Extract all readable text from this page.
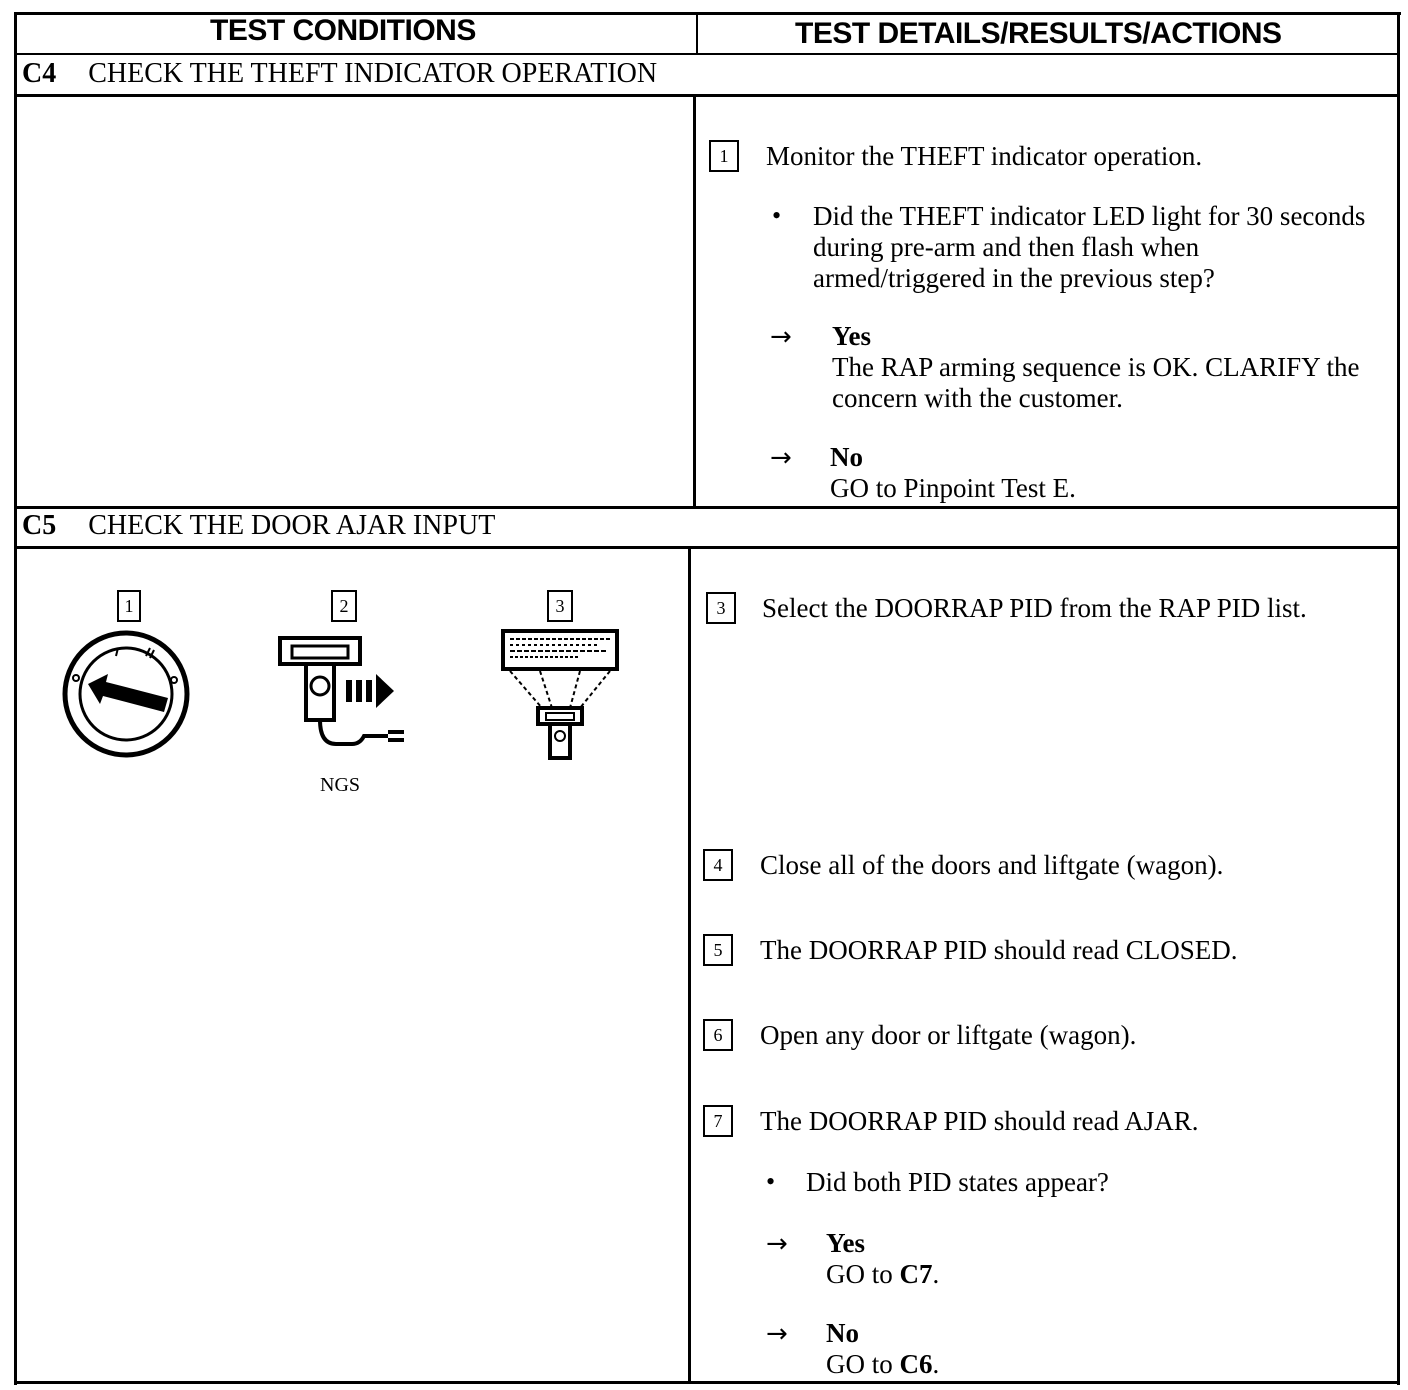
TEST CONDITIONS	TEST DETAILS/RESULTS/ACTIONS
C4 CHECK THE THEFT INDICATOR OPERATION
1	Monitor the THEFT indicator operation.
• Did the THEFT indicator LED light for 30 seconds during pre-arm and then flash when armed/triggered in the previous step?
→ Yes
The RAP arming sequence is OK. CLARIFY the concern with the customer.
→ No
GO to Pinpoint Test E.
C5 CHECK THE DOOR AJAR INPUT
1	2	3
NGS
3	Select the DOORRAP PID from the RAP PID list.
4	Close all of the doors and liftgate (wagon).
5	The DOORRAP PID should read CLOSED.
6	Open any door or liftgate (wagon).
7	The DOORRAP PID should read AJAR.
• Did both PID states appear?
→ Yes
GO to C7.
→ No
GO to C6.
